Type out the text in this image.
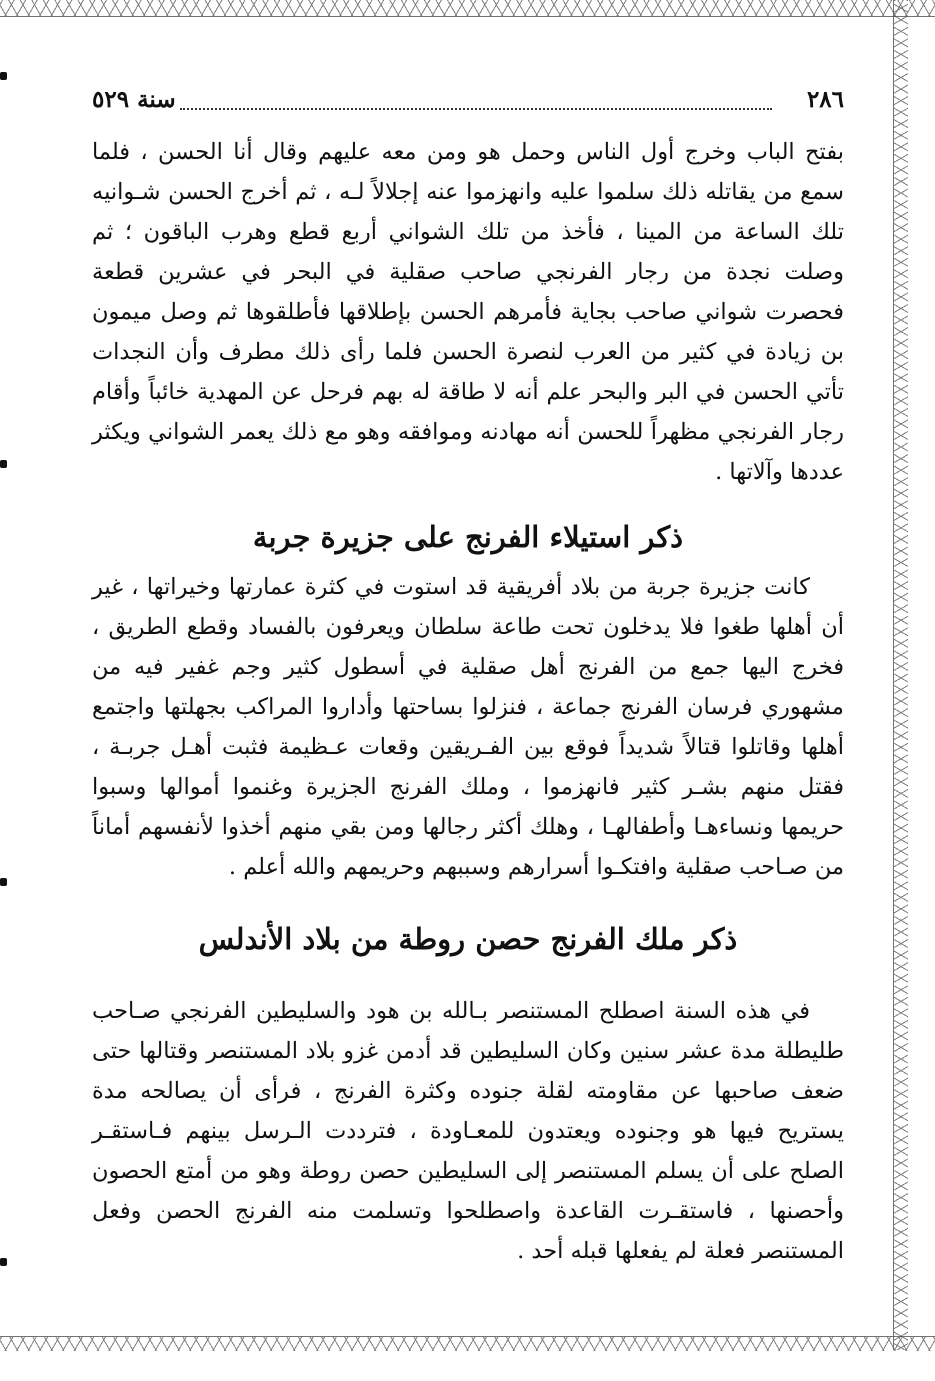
٢٨٦
سنة ٥٢٩

بفتح الباب وخرج أول الناس وحمل هو ومن معه عليهم وقال أنا الحسن ، فلما سمع من يقاتله ذلك سلموا عليه وانهزموا عنه إجلالاً لـه ، ثم أخرج الحسن شـوانيه تلك الساعة من المينا ، فأخذ من تلك الشواني أربع قطع وهرب الباقون ؛ ثم وصلت نجدة من رجار الفرنجي صاحب صقلية في البحر في عشرين قطعة فحصرت شواني صاحب بجاية فأمرهم الحسن بإطلاقها فأطلقوها ثم وصل ميمون بن زيادة في كثير من العرب لنصرة الحسن فلما رأى ذلك مطرف وأن النجدات تأتي الحسن في البر والبحر علم أنه لا طاقة له بهم فرحل عن المهدية خائباً وأقام رجار الفرنجي مظهراً للحسن أنه مهادنه وموافقه وهو مع ذلك يعمر الشواني ويكثر عددها وآلاتها .

ذكر استيلاء الفرنج على جزيرة جربة

كانت جزيرة جربة من بلاد أفريقية قد استوت في كثرة عمارتها وخيراتها ، غير أن أهلها طغوا فلا يدخلون تحت طاعة سلطان ويعرفون بالفساد وقطع الطريق ، فخرج اليها جمع من الفرنج أهل صقلية في أسطول كثير وجم غفير فيه من مشهوري فرسان الفرنج جماعة ، فنزلوا بساحتها وأداروا المراكب بجهلتها واجتمع أهلها وقاتلوا قتالاً شديداً فوقع بين الفـريقين وقعات عـظيمة فثبت أهـل جربـة ، فقتل منهم بشـر كثير فانهزموا ، وملك الفرنج الجزيرة وغنموا أموالها وسبوا حريمها ونساءهـا وأطفالهـا ، وهلك أكثر رجالها ومن بقي منهم أخذوا لأنفسهم أماناً من صـاحب صقلية وافتكـوا أسرارهم وسببهم وحريمهم والله أعلم .

ذكر ملك الفرنج حصن روطة من بلاد الأندلس

في هذه السنة اصطلح المستنصر بـالله بن هود والسليطين الفرنجي صـاحب طليطلة مدة عشر سنين وكان السليطين قد أدمن غزو بلاد المستنصر وقتالها حتى ضعف صاحبها عن مقاومته لقلة جنوده وكثرة الفرنج ، فرأى أن يصالحه مدة يستريح فيها هو وجنوده ويعتدون للمعـاودة ، فترددت الـرسل بينهم فـاستقـر الصلح على أن يسلم المستنصر إلى السليطين حصن روطة وهو من أمتع الحصون وأحصنها ، فاستقـرت القاعدة واصطلحوا وتسلمت منه الفرنج الحصن وفعل المستنصر فعلة لم يفعلها قبله أحد .
